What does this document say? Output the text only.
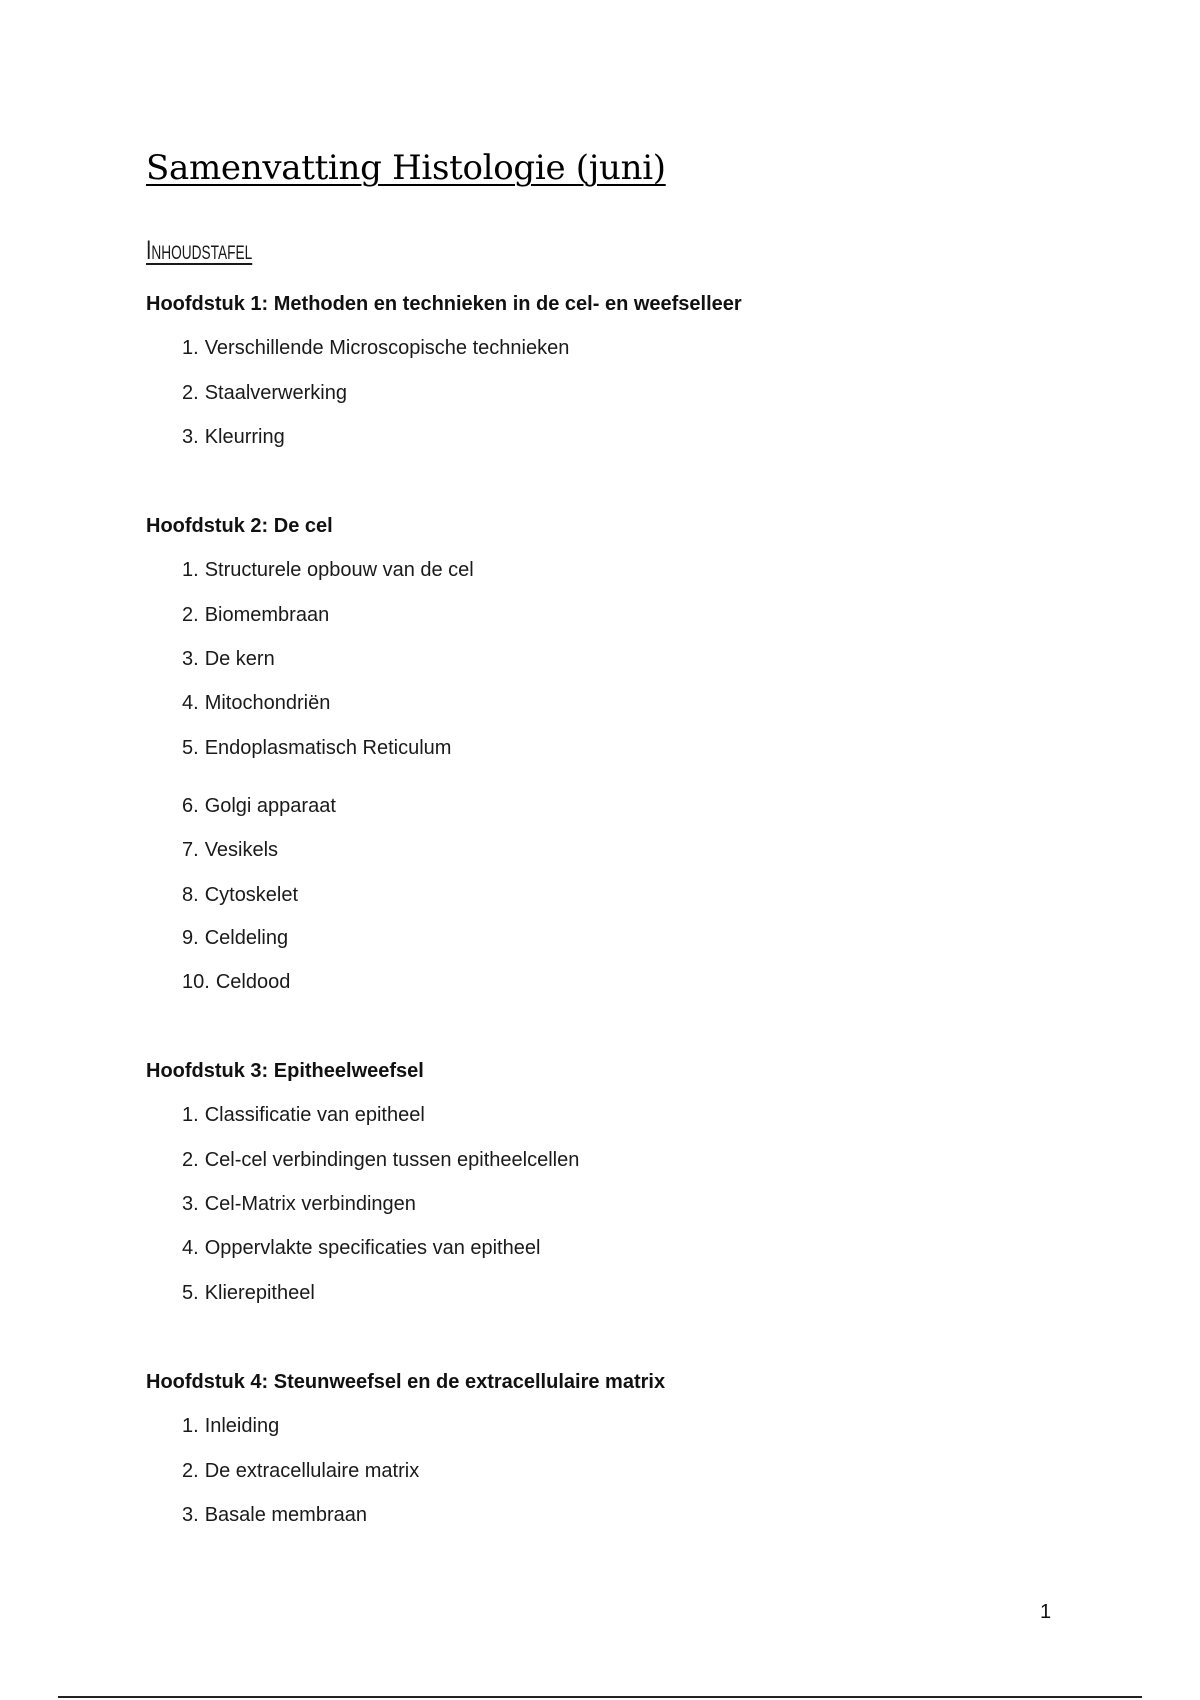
Samenvatting Histologie (juni)
Inhoudstafel
Hoofdstuk 1: Methoden en technieken in de cel- en weefselleer
1. Verschillende Microscopische technieken
2. Staalverwerking
3. Kleurring
Hoofdstuk 2: De cel
1. Structurele opbouw van de cel
2. Biomembraan
3. De kern
4. Mitochondriën
5. Endoplasmatisch Reticulum
6. Golgi apparaat
7. Vesikels
8. Cytoskelet
9. Celdeling
10. Celdood
Hoofdstuk 3: Epitheelweefsel
1. Classificatie van epitheel
2. Cel-cel verbindingen tussen epitheelcellen
3. Cel-Matrix verbindingen
4. Oppervlakte specificaties van epitheel
5. Klierepitheel
Hoofdstuk 4: Steunweefsel en de extracellulaire matrix
1. Inleiding
2. De extracellulaire matrix
3. Basale membraan
1
